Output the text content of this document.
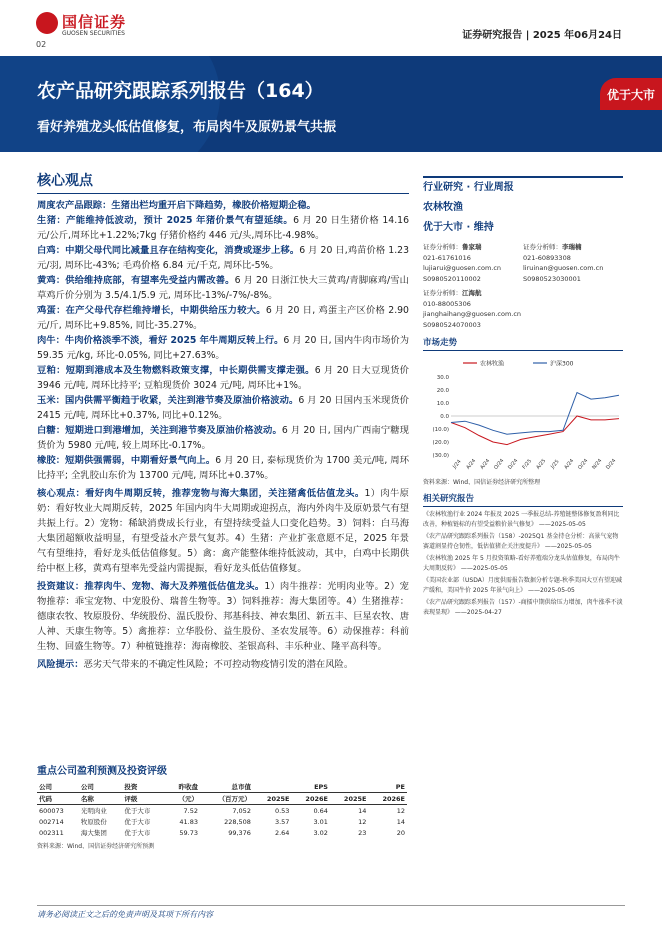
国信证券
GUOSEN SECURITIES
02
证券研究报告 | 2025 年06月24日
农产品研究跟踪系列报告（164）
看好养殖龙头低估值修复，布局肉牛及原奶景气共振
优于大市
核心观点
周度农产品跟踪：生猪出栏均重开启下降趋势，橡胶价格短期企稳。
生猪：产能维持低波动，预计 2025 年猪价景气有望延续。6 月 20 日生猪价格 14.16 元/公斤,周环比+1.22%;7kg 仔猪价格约 446 元/头,周环比-4.98%。
白鸡：中期父母代同比减量且存在结构变化，消费或逐步上移。6 月 20 日,鸡苗价格 1.23 元/羽, 周环比-43%; 毛鸡价格 6.84 元/千克, 周环比-5%。
黄鸡：供给维持底部，有望率先受益内需改善。6 月 20 日浙江快大三黄鸡/青脚麻鸡/雪山草鸡斤价分别为 3.5/4.1/5.9 元, 周环比-13%/-7%/-8%。
鸡蛋：在产父母代存栏维持增长，中期供给压力较大。6 月 20 日, 鸡蛋主产区价格 2.90 元/斤, 周环比+9.85%, 同比-35.27%。
肉牛：牛肉价格淡季不淡，看好 2025 年牛周期反转上行。6 月 20 日, 国内牛肉市场价为 59.35 元/kg, 环比-0.05%, 同比+27.63%。
豆粕：短期到港成本及生物燃料政策支撑，中长期供需支撑走强。6 月 20 日大豆现货价 3946 元/吨, 周环比持平; 豆粕现货价 3024 元/吨, 周环比+1%。
玉米：国内供需平衡趋于收紧，关注到港节奏及原油价格波动。6 月 20 日国内玉米现货价 2415 元/吨, 周环比+0.37%, 同比+0.12%。
白糖：短期进口到港增加，关注到港节奏及原油价格波动。6 月 20 日, 国内广西南宁糖现货价为 5980 元/吨, 较上周环比-0.17%。
橡胶：短期供强需弱，中期看好景气向上。6 月 20 日, 泰标现货价为 1700 美元/吨, 周环比持平; 全乳胶山东价为 13700 元/吨, 周环比+0.37%。
核心观点：看好肉牛周期反转，推荐宠物与海大集团，关注猪禽低估值龙头。1）肉牛原奶：看好牧业大周期反转，2025 年国内肉牛大周期或迎拐点，海内外肉牛及原奶景气有望共振上行。2）宠物：稀缺消费成长行业，有望持续受益人口变化趋势。3）饲料：白马海大集团超额收益明显，有望受益水产景气复苏。4）生猪：产业扩张意愿不足，2025 年景气有望维持，看好龙头低估值修复。5）禽：禽产能整体维持低波动，其中，白鸡中长期供给中枢上移，黄鸡有望率先受益内需提振，看好龙头低估值修复。
投资建议：推荐肉牛、宠物、海大及养殖低估值龙头。1）肉牛推荐：光明肉业等。2）宠物推荐：乖宝宠物、中宠股份、瑞普生物等。3）饲料推荐：海大集团等。4）生猪推荐：德康农牧、牧原股份、华统股份、温氏股份、邦基科技、神农集团、新五丰、巨星农牧、唐人神、天康生物等。5）禽推荐：立华股份、益生股份、圣农发展等。6）动保推荐：科前生物、回盛生物等。7）种植链推荐：海南橡胶、荃银高科、丰乐种业、隆平高科等。
风险提示：恶劣天气带来的不确定性风险；不可控动物疫情引发的潜在风险。
行业研究 · 行业周报
农林牧渔
优于大市 · 维持
证券分析师：鲁家瑞
021-61761016
lujiarui@guosen.com.cn
S0980520110002
证券分析师：李瑞楠
021-60893308
liruinan@guosen.com.cn
S0980523030001
证券分析师：江海航
010-88005306
jianghaihang@guosen.com.cn
S0980524070003
市场走势
农林牧渔	沪深300
30.0
20.0
10.0
0.0
(10.0)
(20.0)
(30.0)
J/24 A/24 A/24 O/24 D/24 F/25 A/25 J/25 A/24 O/24 N/24 D/24
资料来源：Wind、国信证券经济研究所整理
相关研究报告
《农林牧渔行业 2024 年报及 2025 一季报总结-养殖链整体修复盈利同比改善，种植链标的有望受益粮价景气修复》 ——2025-05-05
《农产品研究跟踪系列报告（158）-2025Q1 基金持仓分析：高景气宠物赛道割显持仓韧性，低估值猪企关注度提升》 ——2025-05-05
《农林牧渔 2025 年 5 月投资策略-看好养殖端分龙头估值修复，布局肉牛大周期反转》 ——2025-05-05
《美国农业部（USDA）月度供需报告数据分析专题-秋季美国大豆有望迎减产缓和，美国牛价 2025 年景气向上》 ——2025-05-05
《农产品研究跟踪系列报告（157）-商擂中期供给压力增加，肉牛涨季不淡表现显现》 ——2025-04-27
重点公司盈利预测及投资评级
公司	公司	投资	昨收盘	总市值	EPS		PE	
代码	名称	评级	（元）	（百万元）	2025E	2026E	2025E	2026E
600073	光明肉业	优于大市	7.52	7,052	0.53	0.64	14	12
002714	牧原股份	优于大市	41.83	228,508	3.57	3.01	12	14
002311	海大集团	优于大市	59.73	99,376	2.64	3.02	23	20
资料来源：Wind、国信证券经济研究所预测
请务必阅读正文之后的免责声明及其项下所有内容
